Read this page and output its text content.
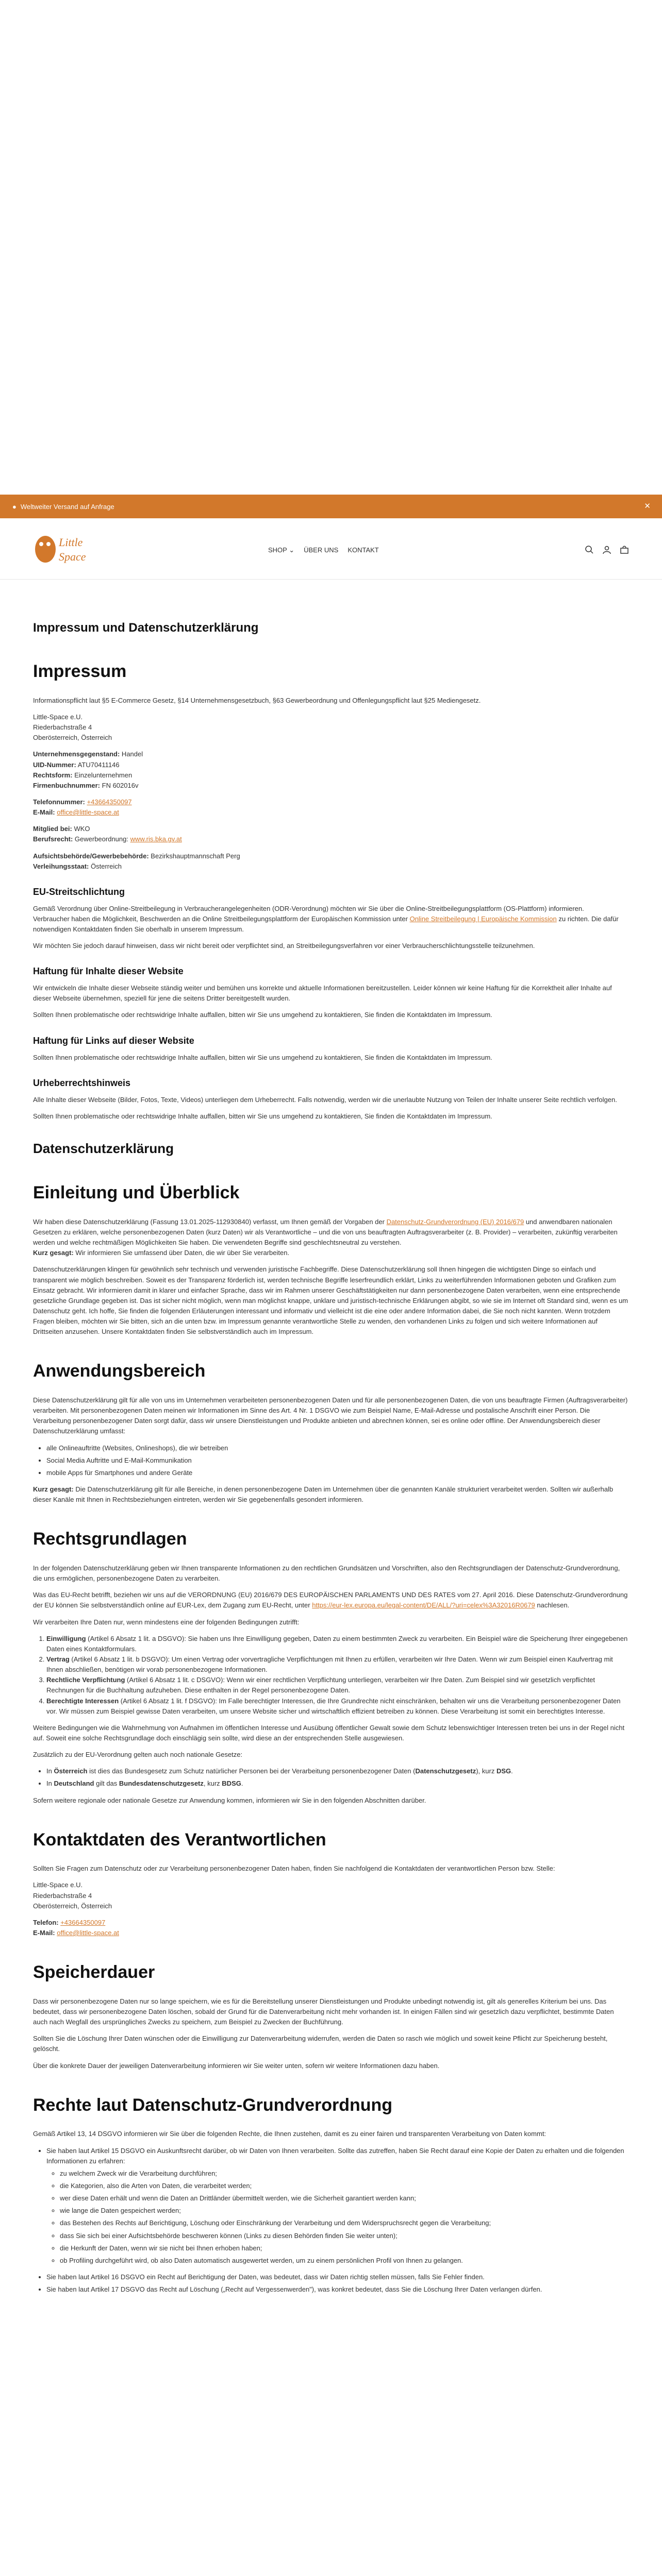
● Weltweiter Versand auf Anfrage	✕
Little
Space
SHOP ⌄ ÜBER UNS KONTAKT
Impressum und Datenschutzerklärung
Impressum

Informationspflicht laut §5 E-Commerce Gesetz, §14 Unternehmensgesetzbuch, §63 Gewerbeordnung und Offenlegungspflicht laut §25 Mediengesetz.

Little-Space e.U.
Riederbachstraße 4
Oberösterreich, Österreich

Unternehmensgegenstand: Handel
UID-Nummer: ATU70411146
Rechtsform: Einzelunternehmen
Firmenbuchnummer: FN 602016v

Telefonnummer: +43664350097
E-Mail: office@little-space.at

Mitglied bei: WKO
Berufsrecht: Gewerbeordnung: www.ris.bka.gv.at

Aufsichtsbehörde/Gewerbebehörde: Bezirkshauptmannschaft Perg
Verleihungsstaat: Österreich

EU-Streitschlichtung

Gemäß Verordnung über Online-Streitbeilegung in Verbraucherangelegenheiten (ODR-Verordnung) möchten wir Sie über die Online-Streitbeilegungsplattform (OS-Plattform) informieren.
Verbraucher haben die Möglichkeit, Beschwerden an die Online Streitbeilegungsplattform der Europäischen Kommission unter Online Streitbeilegung | Europäische Kommission zu richten. Die dafür notwendigen Kontaktdaten finden Sie oberhalb in unserem Impressum.

Wir möchten Sie jedoch darauf hinweisen, dass wir nicht bereit oder verpflichtet sind, an Streitbeilegungsverfahren vor einer Verbraucherschlichtungsstelle teilzunehmen.

Haftung für Inhalte dieser Website

Wir entwickeln die Inhalte dieser Webseite ständig weiter und bemühen uns korrekte und aktuelle Informationen bereitzustellen. Leider können wir keine Haftung für die Korrektheit aller Inhalte auf dieser Webseite übernehmen, speziell für jene die seitens Dritter bereitgestellt wurden.

Sollten Ihnen problematische oder rechtswidrige Inhalte auffallen, bitten wir Sie uns umgehend zu kontaktieren, Sie finden die Kontaktdaten im Impressum.

Haftung für Links auf dieser Website

Sollten Ihnen problematische oder rechtswidrige Inhalte auffallen, bitten wir Sie uns umgehend zu kontaktieren, Sie finden die Kontaktdaten im Impressum.

Urheberrechtshinweis

Alle Inhalte dieser Webseite (Bilder, Fotos, Texte, Videos) unterliegen dem Urheberrecht. Falls notwendig, werden wir die unerlaubte Nutzung von Teilen der Inhalte unserer Seite rechtlich verfolgen.

Sollten Ihnen problematische oder rechtswidrige Inhalte auffallen, bitten wir Sie uns umgehend zu kontaktieren, Sie finden die Kontaktdaten im Impressum.

Datenschutzerklärung
Einleitung und Überblick

Wir haben diese Datenschutzerklärung (Fassung 13.01.2025-112930840) verfasst, um Ihnen gemäß der Vorgaben der Datenschutz-Grundverordnung (EU) 2016/679 und anwendbaren nationalen Gesetzen zu erklären, welche personenbezogenen Daten (kurz Daten) wir als Verantwortliche – und die von uns beauftragten Auftragsverarbeiter (z. B. Provider) – verarbeiten, zukünftig verarbeiten werden und welche rechtmäßigen Möglichkeiten Sie haben. Die verwendeten Begriffe sind geschlechtsneutral zu verstehen.
Kurz gesagt: Wir informieren Sie umfassend über Daten, die wir über Sie verarbeiten.

Datenschutzerklärungen klingen für gewöhnlich sehr technisch und verwenden juristische Fachbegriffe. Diese Datenschutzerklärung soll Ihnen hingegen die wichtigsten Dinge so einfach und transparent wie möglich beschreiben. Soweit es der Transparenz förderlich ist, werden technische Begriffe leserfreundlich erklärt, Links zu weiterführenden Informationen geboten und Grafiken zum Einsatz gebracht. Wir informieren damit in klarer und einfacher Sprache, dass wir im Rahmen unserer Geschäftstätigkeiten nur dann personenbezogene Daten verarbeiten, wenn eine entsprechende gesetzliche Grundlage gegeben ist. Das ist sicher nicht möglich, wenn man möglichst knappe, unklare und juristisch-technische Erklärungen abgibt, so wie sie im Internet oft Standard sind, wenn es um Datenschutz geht. Ich hoffe, Sie finden die folgenden Erläuterungen interessant und informativ und vielleicht ist die eine oder andere Information dabei, die Sie noch nicht kannten. Wenn trotzdem Fragen bleiben, möchten wir Sie bitten, sich an die unten bzw. im Impressum genannte verantwortliche Stelle zu wenden, den vorhandenen Links zu folgen und sich weitere Informationen auf Drittseiten anzusehen. Unsere Kontaktdaten finden Sie selbstverständlich auch im Impressum.

Anwendungsbereich

Diese Datenschutzerklärung gilt für alle von uns im Unternehmen verarbeiteten personenbezogenen Daten und für alle personenbezogenen Daten, die von uns beauftragte Firmen (Auftragsverarbeiter) verarbeiten. Mit personenbezogenen Daten meinen wir Informationen im Sinne des Art. 4 Nr. 1 DSGVO wie zum Beispiel Name, E-Mail-Adresse und postalische Anschrift einer Person. Die Verarbeitung personenbezogener Daten sorgt dafür, dass wir unsere Dienstleistungen und Produkte anbieten und abrechnen können, sei es online oder offline. Der Anwendungsbereich dieser Datenschutzerklärung umfasst:

• alle Onlineauftritte (Websites, Onlineshops), die wir betreiben
• Social Media Auftritte und E-Mail-Kommunikation
• mobile Apps für Smartphones und andere Geräte

Kurz gesagt: Die Datenschutzerklärung gilt für alle Bereiche, in denen personenbezogene Daten im Unternehmen über die genannten Kanäle strukturiert verarbeitet werden. Sollten wir außerhalb dieser Kanäle mit Ihnen in Rechtsbeziehungen eintreten, werden wir Sie gegebenenfalls gesondert informieren.

Rechtsgrundlagen

In der folgenden Datenschutzerklärung geben wir Ihnen transparente Informationen zu den rechtlichen Grundsätzen und Vorschriften, also den Rechtsgrundlagen der Datenschutz-Grundverordnung, die uns ermöglichen, personenbezogene Daten zu verarbeiten.

Was das EU-Recht betrifft, beziehen wir uns auf die VERORDNUNG (EU) 2016/679 DES EUROPÄISCHEN PARLAMENTS UND DES RATES vom 27. April 2016. Diese Datenschutz-Grundverordnung der EU können Sie selbstverständlich online auf EUR-Lex, dem Zugang zum EU-Recht, unter https://eur-lex.europa.eu/legal-content/DE/ALL/?uri=celex%3A32016R0679 nachlesen.

Wir verarbeiten Ihre Daten nur, wenn mindestens eine der folgenden Bedingungen zutrifft:

1. Einwilligung (Artikel 6 Absatz 1 lit. a DSGVO): Sie haben uns Ihre Einwilligung gegeben, Daten zu einem bestimmten Zweck zu verarbeiten. Ein Beispiel wäre die Speicherung Ihrer eingegebenen Daten eines Kontaktformulars.
2. Vertrag (Artikel 6 Absatz 1 lit. b DSGVO): Um einen Vertrag oder vorvertragliche Verpflichtungen mit Ihnen zu erfüllen, verarbeiten wir Ihre Daten. Wenn wir zum Beispiel einen Kaufvertrag mit Ihnen abschließen, benötigen wir vorab personenbezogene Informationen.
3. Rechtliche Verpflichtung (Artikel 6 Absatz 1 lit. c DSGVO): Wenn wir einer rechtlichen Verpflichtung unterliegen, verarbeiten wir Ihre Daten. Zum Beispiel sind wir gesetzlich verpflichtet Rechnungen für die Buchhaltung aufzuheben. Diese enthalten in der Regel personenbezogene Daten.
4. Berechtigte Interessen (Artikel 6 Absatz 1 lit. f DSGVO): Im Falle berechtigter Interessen, die Ihre Grundrechte nicht einschränken, behalten wir uns die Verarbeitung personenbezogener Daten vor. Wir müssen zum Beispiel gewisse Daten verarbeiten, um unsere Website sicher und wirtschaftlich effizient betreiben zu können. Diese Verarbeitung ist somit ein berechtigtes Interesse.

Weitere Bedingungen wie die Wahrnehmung von Aufnahmen im öffentlichen Interesse und Ausübung öffentlicher Gewalt sowie dem Schutz lebenswichtiger Interessen treten bei uns in der Regel nicht auf. Soweit eine solche Rechtsgrundlage doch einschlägig sein sollte, wird diese an der entsprechenden Stelle ausgewiesen.

Zusätzlich zu der EU-Verordnung gelten auch noch nationale Gesetze:

• In Österreich ist dies das Bundesgesetz zum Schutz natürlicher Personen bei der Verarbeitung personenbezogener Daten (Datenschutzgesetz), kurz DSG.
• In Deutschland gilt das Bundesdatenschutzgesetz, kurz BDSG.

Sofern weitere regionale oder nationale Gesetze zur Anwendung kommen, informieren wir Sie in den folgenden Abschnitten darüber.

Kontaktdaten des Verantwortlichen

Sollten Sie Fragen zum Datenschutz oder zur Verarbeitung personenbezogener Daten haben, finden Sie nachfolgend die Kontaktdaten der verantwortlichen Person bzw. Stelle:

Little-Space e.U.
Riederbachstraße 4
Oberösterreich, Österreich

Telefon: +43664350097
E-Mail: office@little-space.at

Speicherdauer

Dass wir personenbezogene Daten nur so lange speichern, wie es für die Bereitstellung unserer Dienstleistungen und Produkte unbedingt notwendig ist, gilt als generelles Kriterium bei uns. Das bedeutet, dass wir personenbezogene Daten löschen, sobald der Grund für die Datenverarbeitung nicht mehr vorhanden ist. In einigen Fällen sind wir gesetzlich dazu verpflichtet, bestimmte Daten auch nach Wegfall des ursprüngliches Zwecks zu speichern, zum Beispiel zu Zwecken der Buchführung.

Sollten Sie die Löschung Ihrer Daten wünschen oder die Einwilligung zur Datenverarbeitung widerrufen, werden die Daten so rasch wie möglich und soweit keine Pflicht zur Speicherung besteht, gelöscht.

Über die konkrete Dauer der jeweiligen Datenverarbeitung informieren wir Sie weiter unten, sofern wir weitere Informationen dazu haben.

Rechte laut Datenschutz-Grundverordnung

Gemäß Artikel 13, 14 DSGVO informieren wir Sie über die folgenden Rechte, die Ihnen zustehen, damit es zu einer fairen und transparenten Verarbeitung von Daten kommt:

• Sie haben laut Artikel 15 DSGVO ein Auskunftsrecht darüber, ob wir Daten von Ihnen verarbeiten. Sollte das zutreffen, haben Sie Recht darauf eine Kopie der Daten zu erhalten und die folgenden Informationen zu erfahren:
◦ zu welchem Zweck wir die Verarbeitung durchführen;
◦ die Kategorien, also die Arten von Daten, die verarbeitet werden;
◦ wer diese Daten erhält und wenn die Daten an Drittländer übermittelt werden, wie die Sicherheit garantiert werden kann;
◦ wie lange die Daten gespeichert werden;
◦ das Bestehen des Rechts auf Berichtigung, Löschung oder Einschränkung der Verarbeitung und dem Widerspruchsrecht gegen die Verarbeitung;
◦ dass Sie sich bei einer Aufsichtsbehörde beschweren können (Links zu diesen Behörden finden Sie weiter unten);
◦ die Herkunft der Daten, wenn wir sie nicht bei Ihnen erhoben haben;
◦ ob Profiling durchgeführt wird, ob also Daten automatisch ausgewertet werden, um zu einem persönlichen Profil von Ihnen zu gelangen.
• Sie haben laut Artikel 16 DSGVO ein Recht auf Berichtigung der Daten, was bedeutet, dass wir Daten richtig stellen müssen, falls Sie Fehler finden.
• Sie haben laut Artikel 17 DSGVO das Recht auf Löschung („Recht auf Vergessenwerden"), was konkret bedeutet, dass Sie die Löschung Ihrer Daten verlangen dürfen.
